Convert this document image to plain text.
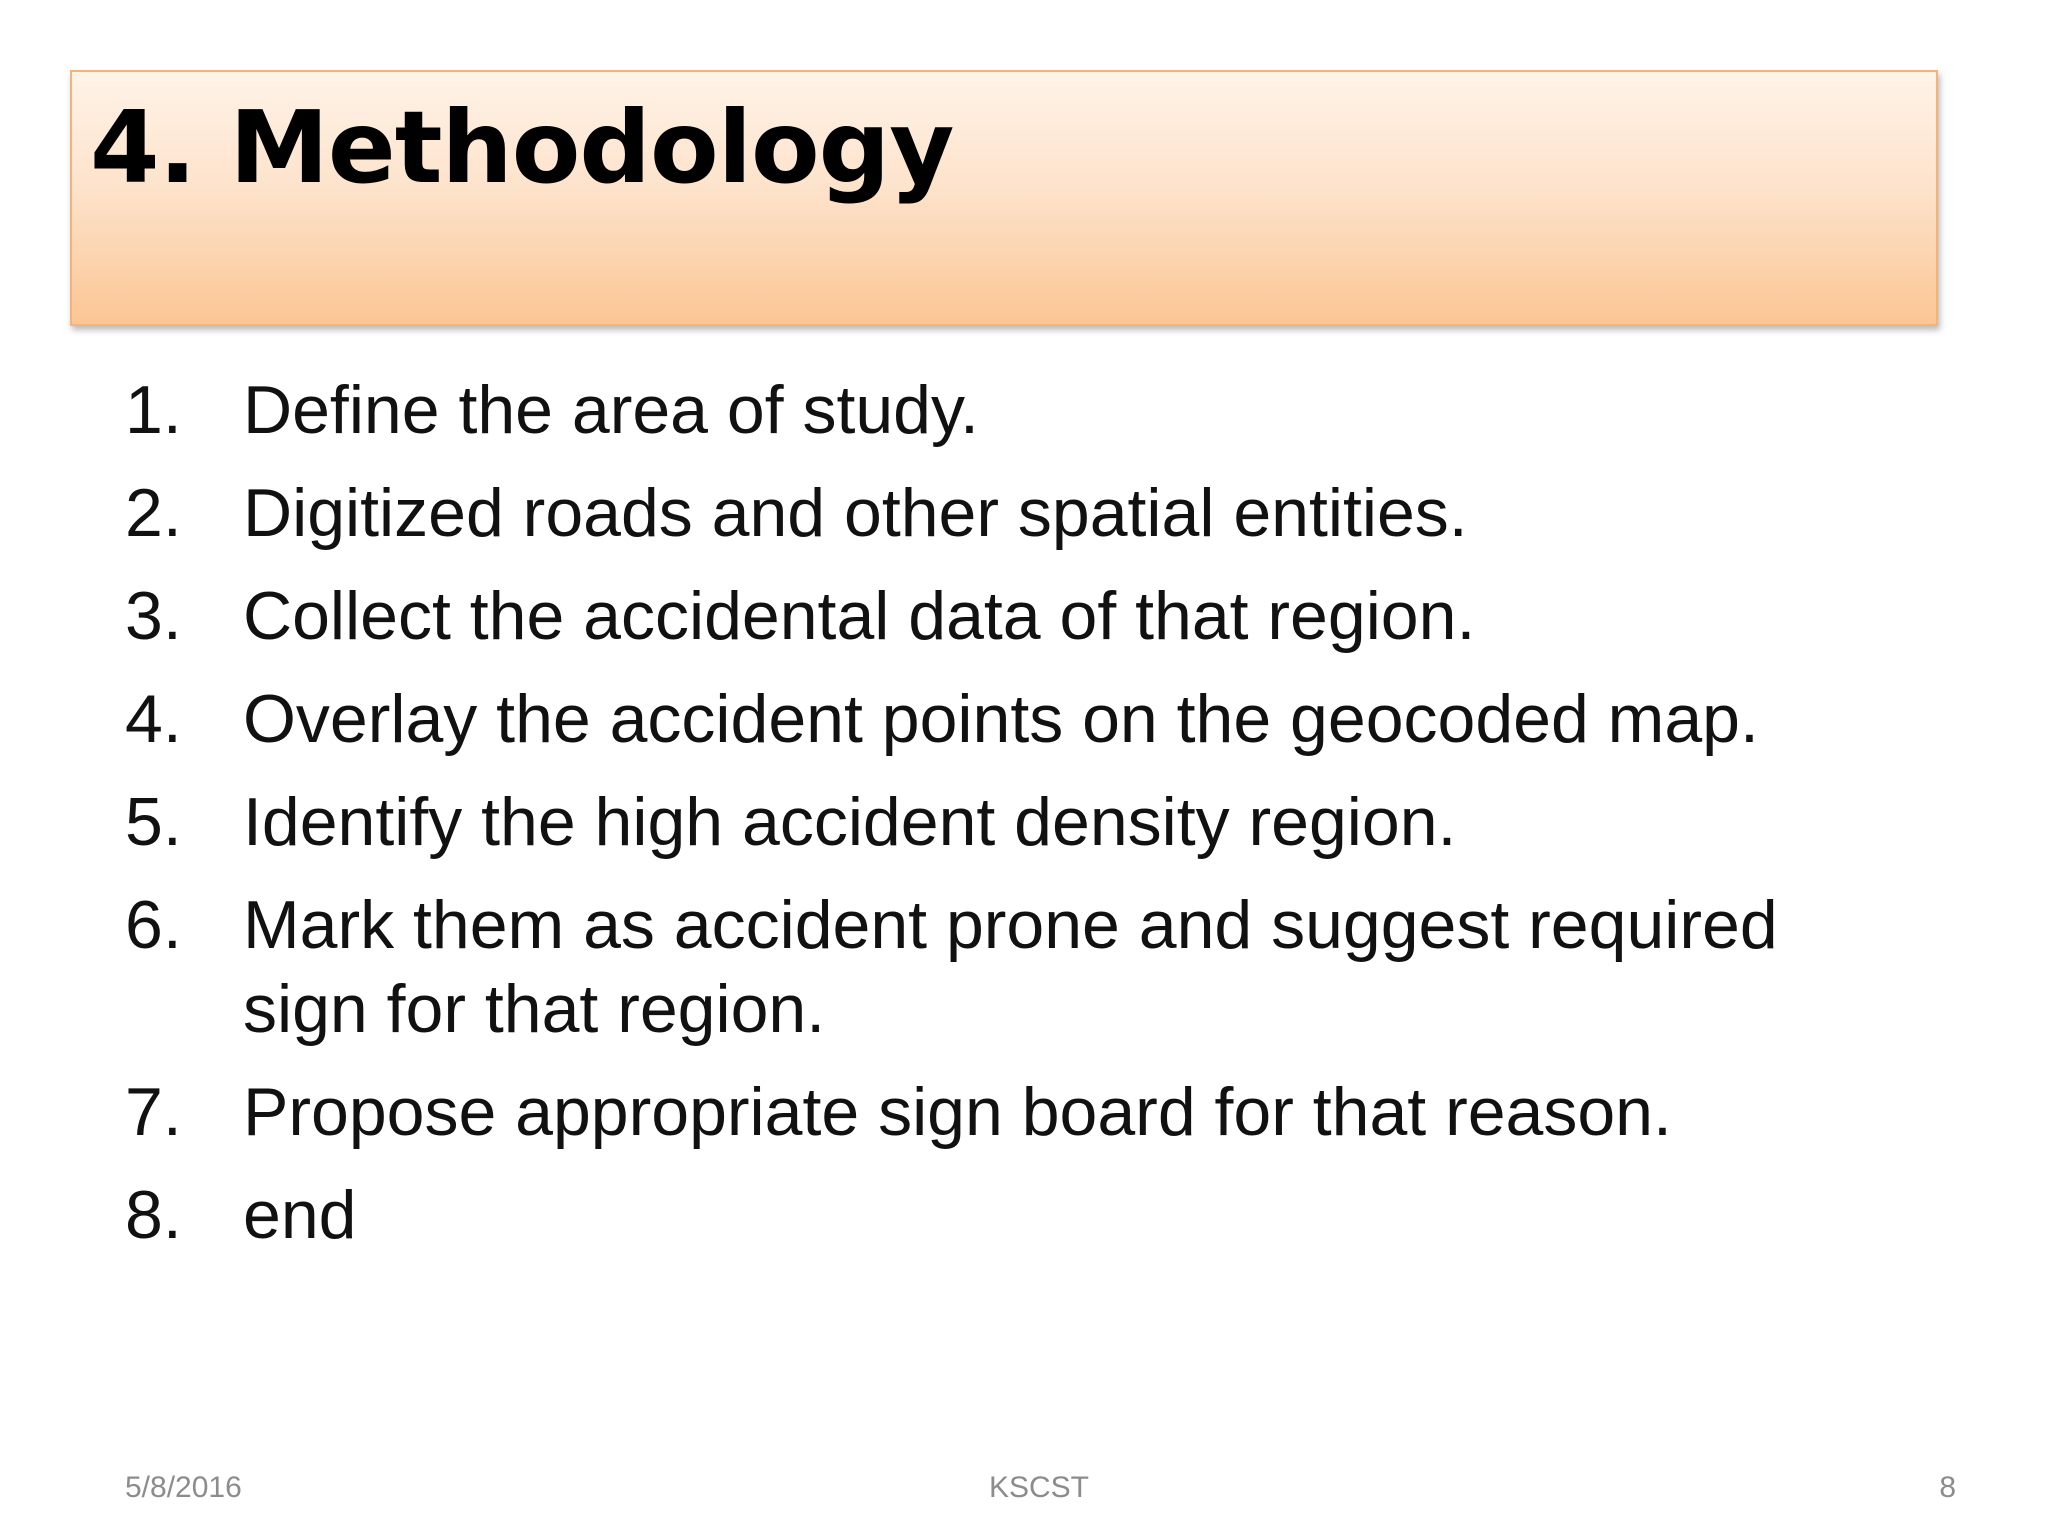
4. Methodology
1. Define the area of study.
2. Digitized roads and other spatial entities.
3. Collect the accidental data of that region.
4. Overlay the accident points on the geocoded map.
5. Identify the high accident density region.
6. Mark them as accident prone and suggest required sign for that region.
7. Propose appropriate sign board for that reason.
8. end
5/8/2016	KSCST	8
